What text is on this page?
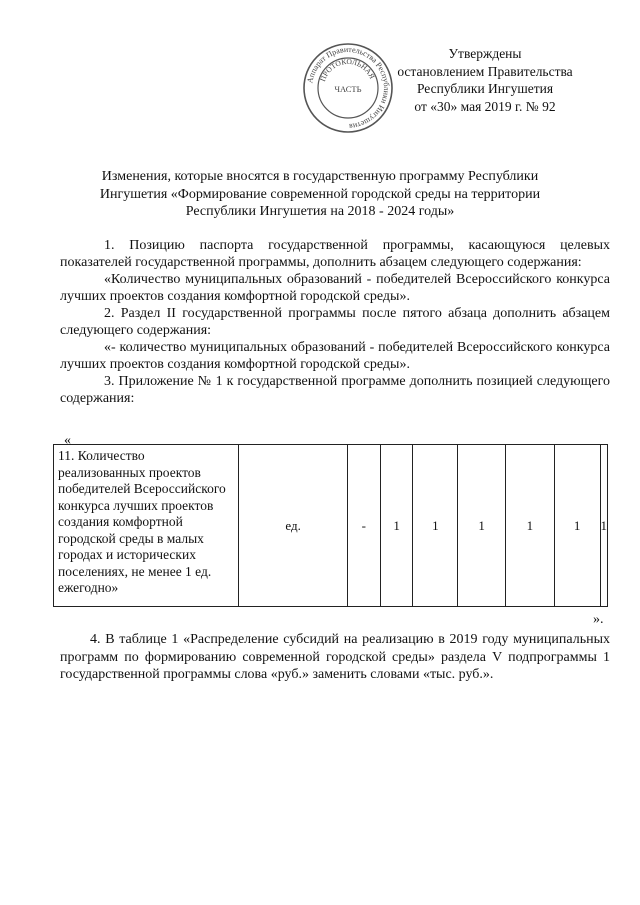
Утверждены
остановлением Правительства
Республики Ингушетия
от «30» мая 2019 г. № 92
Аппарат Правительства Республики Ингушетия
ПРОТОКОЛЬНАЯ
ЧАСТЬ
Изменения, которые вносятся в государственную программу Республики
Ингушетия «Формирование современной городской среды на территории
Республики Ингушетия на 2018 - 2024 годы»

1. Позицию паспорта государственной программы, касающуюся целевых показателей государственной программы, дополнить абзацем следующего содержания:

«Количество муниципальных образований - победителей Всероссийского конкурса лучших проектов создания комфортной городской среды».

2. Раздел II государственной программы после пятого абзаца дополнить абзацем следующего содержания:

«- количество муниципальных образований - победителей Всероссийского конкурса лучших проектов создания комфортной городской среды».

3. Приложение № 1 к государственной программе дополнить позицией следующего содержания:

«
11. Количество реализованных проектов победителей Всероссийского конкурса лучших проектов создания комфортной городской среды в малых городах и исторических поселениях, не менее 1 ед. ежегодно»	ед.	-	1	1	1	1	1	1
».

4. В таблице 1 «Распределение субсидий на реализацию в 2019 году муниципальных программ по формированию современной городской среды» раздела V подпрограммы 1 государственной программы слова «руб.» заменить словами «тыс. руб.».
